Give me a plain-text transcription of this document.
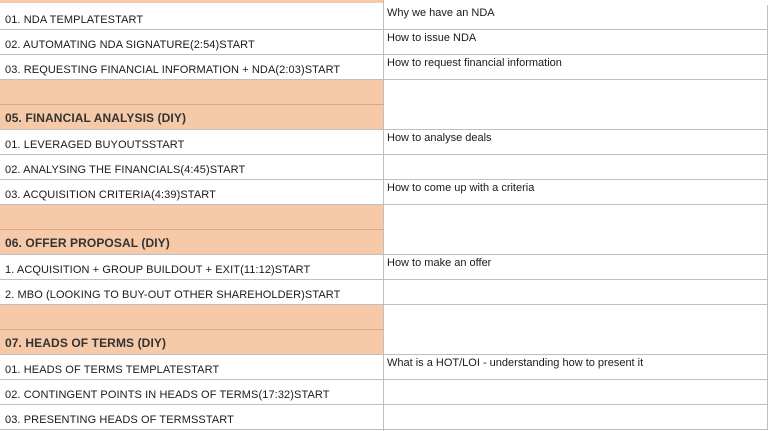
01. NDA TEMPLATESTART
Why we have an NDA
02. AUTOMATING NDA SIGNATURE(2:54)START
How to issue NDA
03. REQUESTING FINANCIAL INFORMATION + NDA(2:03)START
How to request financial information
05. FINANCIAL ANALYSIS (DIY)
01. LEVERAGED BUYOUTSSTART
How to analyse deals
02. ANALYSING THE FINANCIALS(4:45)START
03. ACQUISITION CRITERIA(4:39)START
How to come up with a criteria
06. OFFER PROPOSAL (DIY)
1. ACQUISITION + GROUP BUILDOUT + EXIT(11:12)START
How to make an offer
2. MBO (LOOKING TO BUY-OUT OTHER SHAREHOLDER)START
07. HEADS OF TERMS (DIY)
01. HEADS OF TERMS TEMPLATESTART
What is a HOT/LOI - understanding how to present it
02. CONTINGENT POINTS IN HEADS OF TERMS(17:32)START
03. PRESENTING HEADS OF TERMSSTART
